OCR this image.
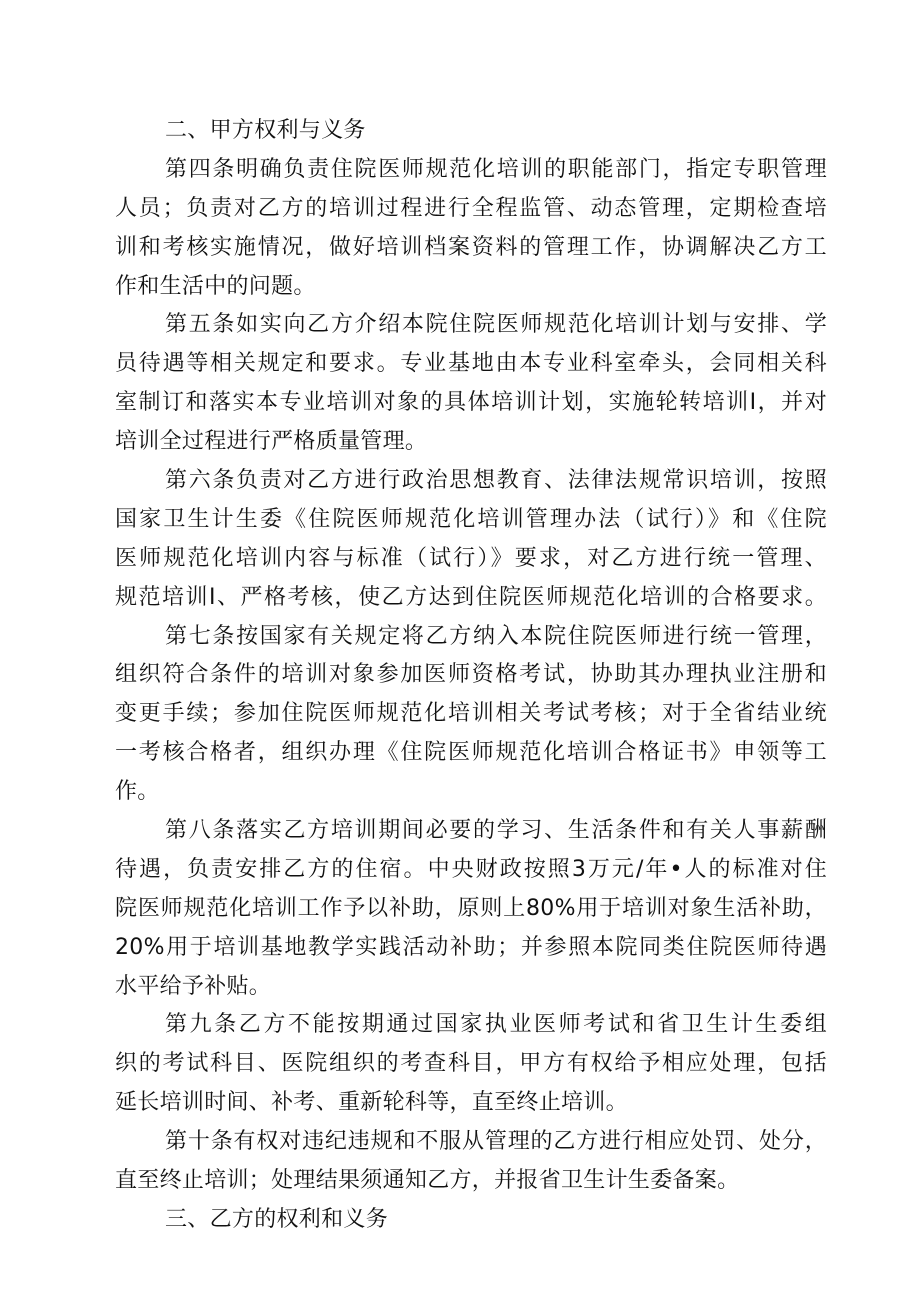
二、甲方权利与义务
第四条明确负责住院医师规范化培训的职能部门，指定专职管理
人员；负责对乙方的培训过程进行全程监管、动态管理，定期检查培
训和考核实施情况，做好培训档案资料的管理工作，协调解决乙方工
作和生活中的问题。
第五条如实向乙方介绍本院住院医师规范化培训计划与安排、学
员待遇等相关规定和要求。专业基地由本专业科室牵头，会同相关科
室制订和落实本专业培训对象的具体培训计划，实施轮转培训I，并对
培训全过程进行严格质量管理。
第六条负责对乙方进行政治思想教育、法律法规常识培训，按照
国家卫生计生委《住院医师规范化培训管理办法（试行）》和《住院
医师规范化培训内容与标准（试行）》要求，对乙方进行统一管理、
规范培训I、严格考核，使乙方达到住院医师规范化培训的合格要求。
第七条按国家有关规定将乙方纳入本院住院医师进行统一管理，
组织符合条件的培训对象参加医师资格考试，协助其办理执业注册和
变更手续；参加住院医师规范化培训相关考试考核；对于全省结业统
一考核合格者，组织办理《住院医师规范化培训合格证书》申领等工
作。
第八条落实乙方培训期间必要的学习、生活条件和有关人事薪酬
待遇，负责安排乙方的住宿。中央财政按照3万元/年•人的标准对住
院医师规范化培训工作予以补助，原则上80%用于培训对象生活补助，
20%用于培训基地教学实践活动补助；并参照本院同类住院医师待遇
水平给予补贴。
第九条乙方不能按期通过国家执业医师考试和省卫生计生委组
织的考试科目、医院组织的考查科目，甲方有权给予相应处理，包括
延长培训时间、补考、重新轮科等，直至终止培训。
第十条有权对违纪违规和不服从管理的乙方进行相应处罚、处分，
直至终止培训；处理结果须通知乙方，并报省卫生计生委备案。
三、乙方的权利和义务
